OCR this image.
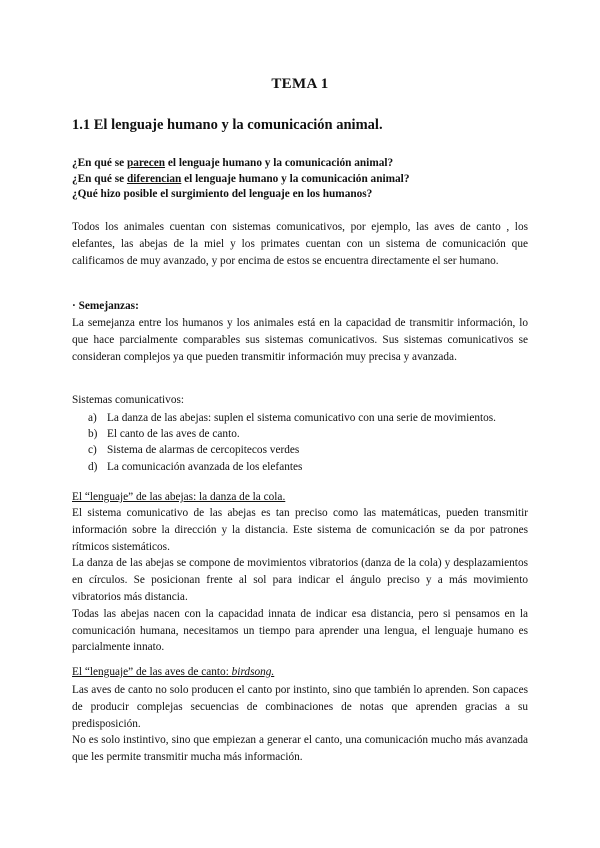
TEMA 1
1.1 El lenguaje humano y la comunicación animal.
¿En qué se parecen el lenguaje humano y la comunicación animal?
¿En qué se diferencian el lenguaje humano y la comunicación animal?
¿Qué hizo posible el surgimiento del lenguaje en los humanos?
Todos los animales cuentan con sistemas comunicativos, por ejemplo, las aves de canto , los elefantes, las abejas de la miel y los primates cuentan con un sistema de comunicación que calificamos de muy avanzado, y por encima de estos se encuentra directamente el ser humano.
· Semejanzas:
La semejanza entre los humanos y los animales está en la capacidad de transmitir información, lo que hace parcialmente comparables sus sistemas comunicativos. Sus sistemas comunicativos se consideran complejos ya que pueden transmitir información muy precisa y avanzada.
Sistemas comunicativos:
a) La danza de las abejas: suplen el sistema comunicativo con una serie de movimientos.
b) El canto de las aves de canto.
c) Sistema de alarmas de cercopitecos verdes
d) La comunicación avanzada de los elefantes
El “lenguaje” de las abejas: la danza de la cola.
El sistema comunicativo de las abejas es tan preciso como las matemáticas, pueden transmitir información sobre la dirección y la distancia. Este sistema de comunicación se da por patrones rítmicos sistemáticos.
La danza de las abejas se compone de movimientos vibratorios (danza de la cola) y desplazamientos en círculos. Se posicionan frente al sol para indicar el ángulo preciso y a más movimiento vibratorios más distancia.
Todas las abejas nacen con la capacidad innata de indicar esa distancia, pero si pensamos en la comunicación humana, necesitamos un tiempo para aprender una lengua, el lenguaje humano es parcialmente innato.
El “lenguaje” de las aves de canto: birdsong.
Las aves de canto no solo producen el canto por instinto, sino que también lo aprenden. Son capaces de producir complejas secuencias de combinaciones de notas que aprenden gracias a su predisposición.
No es solo instintivo, sino que empiezan a generar el canto, una comunicación mucho más avanzada que les permite transmitir mucha más información.
